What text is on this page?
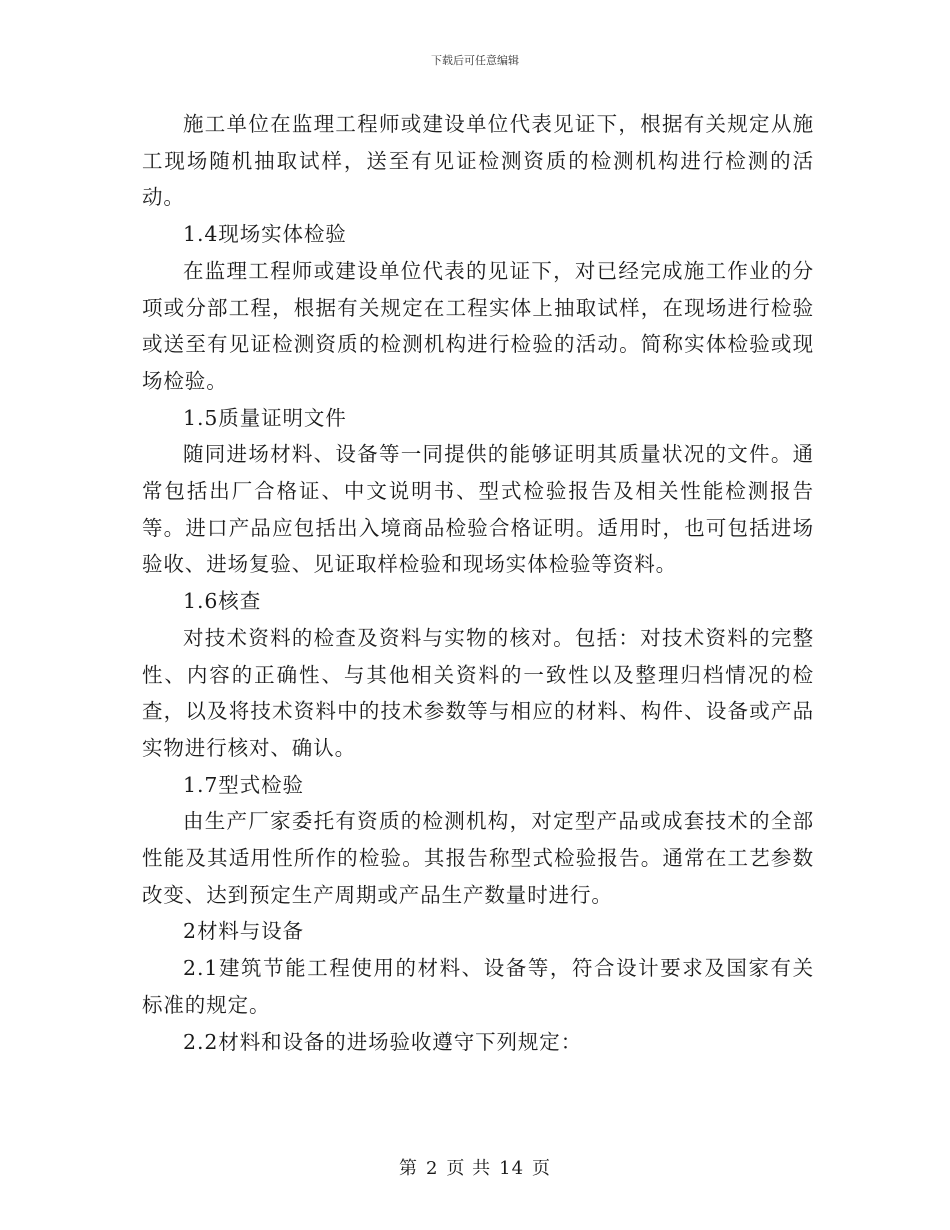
下载后可任意编辑

施工单位在监理工程师或建设单位代表见证下，根据有关规定从施工现场随机抽取试样，送至有见证检测资质的检测机构进行检测的活动。

1.4现场实体检验

在监理工程师或建设单位代表的见证下，对已经完成施工作业的分项或分部工程，根据有关规定在工程实体上抽取试样，在现场进行检验或送至有见证检测资质的检测机构进行检验的活动。简称实体检验或现场检验。

1.5质量证明文件

随同进场材料、设备等一同提供的能够证明其质量状况的文件。通常包括出厂合格证、中文说明书、型式检验报告及相关性能检测报告等。进口产品应包括出入境商品检验合格证明。适用时，也可包括进场验收、进场复验、见证取样检验和现场实体检验等资料。

1.6核查

对技术资料的检查及资料与实物的核对。包括：对技术资料的完整性、内容的正确性、与其他相关资料的一致性以及整理归档情况的检查，以及将技术资料中的技术参数等与相应的材料、构件、设备或产品实物进行核对、确认。

1.7型式检验

由生产厂家委托有资质的检测机构，对定型产品或成套技术的全部性能及其适用性所作的检验。其报告称型式检验报告。通常在工艺参数改变、达到预定生产周期或产品生产数量时进行。

2材料与设备

2.1建筑节能工程使用的材料、设备等，符合设计要求及国家有关标准的规定。

2.2材料和设备的进场验收遵守下列规定：

第 2 页 共 14 页
